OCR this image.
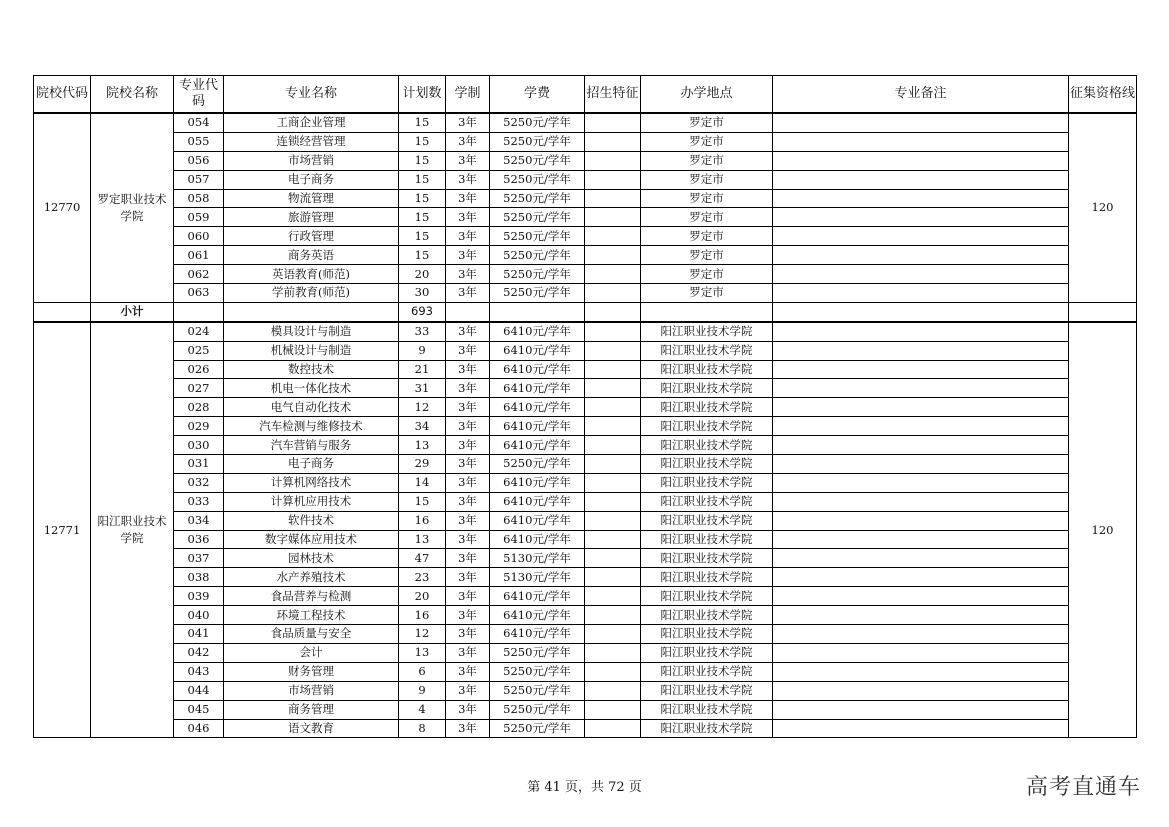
院校代码	院校名称	专业代码	专业名称	计划数	学制	学费	招生特征	办学地点	专业备注	征集资格线
12770	罗定职业技术学院	054	工商企业管理	15	3年	5250元/学年		罗定市		120
		055	连锁经营管理	15	3年	5250元/学年		罗定市		
		056	市场营销	15	3年	5250元/学年		罗定市		
		057	电子商务	15	3年	5250元/学年		罗定市		
		058	物流管理	15	3年	5250元/学年		罗定市		
		059	旅游管理	15	3年	5250元/学年		罗定市		
		060	行政管理	15	3年	5250元/学年		罗定市		
		061	商务英语	15	3年	5250元/学年		罗定市		
		062	英语教育(师范)	20	3年	5250元/学年		罗定市		
		063	学前教育(师范)	30	3年	5250元/学年		罗定市		
	小计			693						
12771	阳江职业技术学院	024	模具设计与制造	33	3年	6410元/学年		阳江职业技术学院		120
		025	机械设计与制造	9	3年	6410元/学年		阳江职业技术学院		
		026	数控技术	21	3年	6410元/学年		阳江职业技术学院		
		027	机电一体化技术	31	3年	6410元/学年		阳江职业技术学院		
		028	电气自动化技术	12	3年	6410元/学年		阳江职业技术学院		
		029	汽车检测与维修技术	34	3年	6410元/学年		阳江职业技术学院		
		030	汽车营销与服务	13	3年	6410元/学年		阳江职业技术学院		
		031	电子商务	29	3年	5250元/学年		阳江职业技术学院		
		032	计算机网络技术	14	3年	6410元/学年		阳江职业技术学院		
		033	计算机应用技术	15	3年	6410元/学年		阳江职业技术学院		
		034	软件技术	16	3年	6410元/学年		阳江职业技术学院		
		036	数字媒体应用技术	13	3年	6410元/学年		阳江职业技术学院		
		037	园林技术	47	3年	5130元/学年		阳江职业技术学院		
		038	水产养殖技术	23	3年	5130元/学年		阳江职业技术学院		
		039	食品营养与检测	20	3年	6410元/学年		阳江职业技术学院		
		040	环境工程技术	16	3年	6410元/学年		阳江职业技术学院		
		041	食品质量与安全	12	3年	6410元/学年		阳江职业技术学院		
		042	会计	13	3年	5250元/学年		阳江职业技术学院		
		043	财务管理	6	3年	5250元/学年		阳江职业技术学院		
		044	市场营销	9	3年	5250元/学年		阳江职业技术学院		
		045	商务管理	4	3年	5250元/学年		阳江职业技术学院		
		046	语文教育	8	3年	5250元/学年		阳江职业技术学院		
第 41 页，共 72 页	高考直通车
